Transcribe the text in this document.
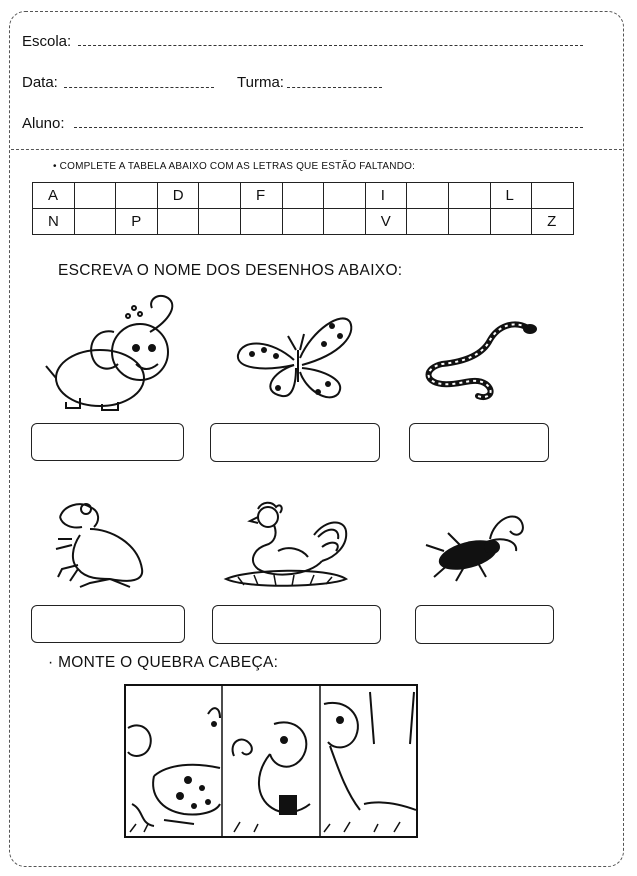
Escola:
Data:	Turma:
Aluno:
• COMPLETE A TABELA ABAIXO COM AS LETRAS QUE ESTÃO FALTANDO:
A			D		F			I			L	
N		P						V				Z
ESCREVA O NOME DOS DESENHOS ABAIXO:
· MONTE O QUEBRA CABEÇA:
